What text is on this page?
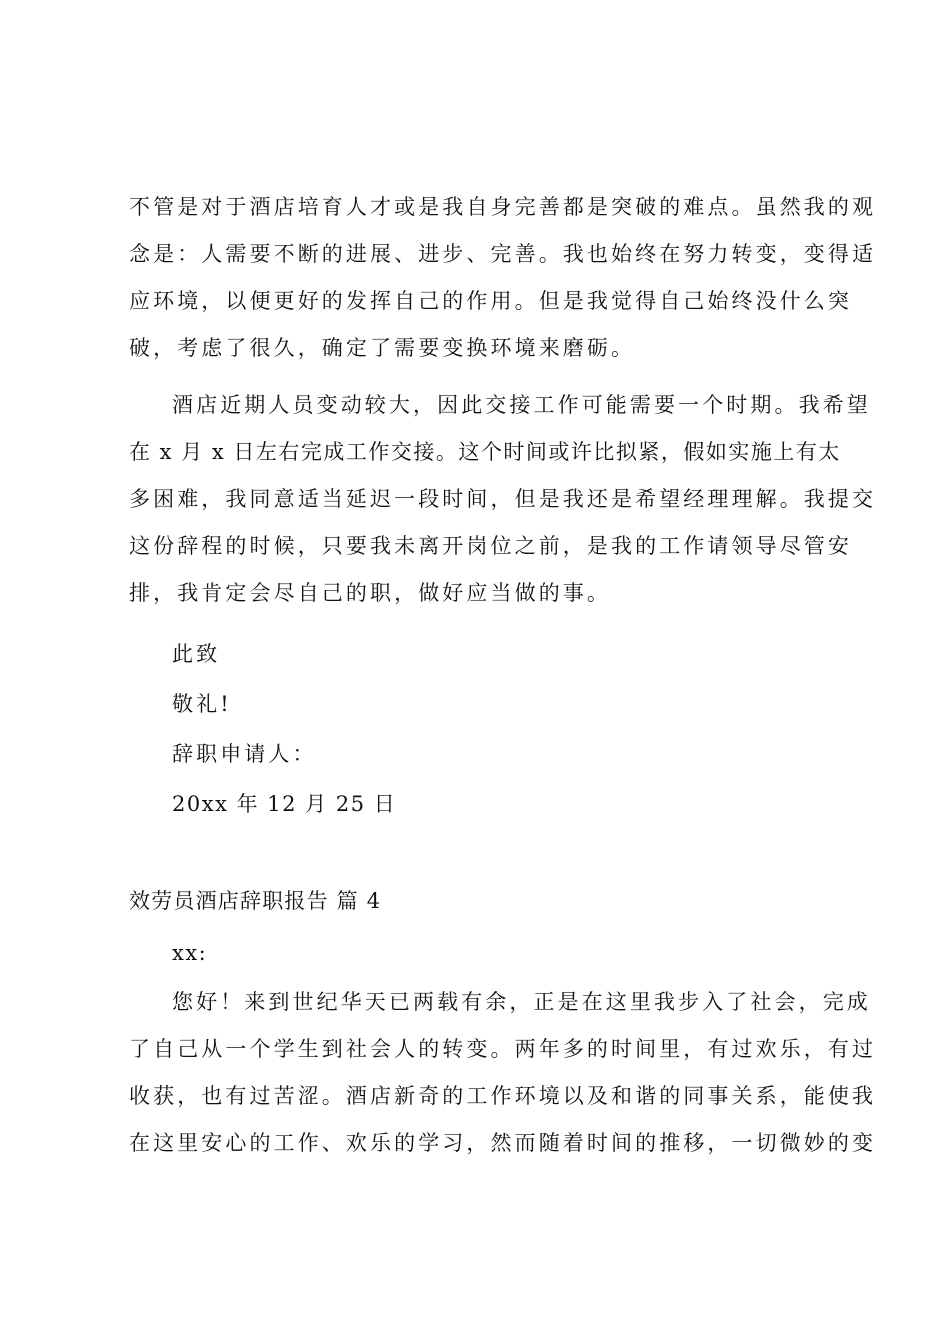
不管是对于酒店培育人才或是我自身完善都是突破的难点。虽然我的观
念是：人需要不断的进展、进步、完善。我也始终在努力转变，变得适
应环境，以便更好的发挥自己的作用。但是我觉得自己始终没什么突
破，考虑了很久，确定了需要变换环境来磨砺。
酒店近期人员变动较大，因此交接工作可能需要一个时期。我希望
在 x 月 x 日左右完成工作交接。这个时间或许比拟紧，假如实施上有太
多困难，我同意适当延迟一段时间，但是我还是希望经理理解。我提交
这份辞程的时候，只要我未离开岗位之前，是我的工作请领导尽管安
排，我肯定会尽自己的职，做好应当做的事。
此致
敬礼!
辞职申请人：
20xx 年 12 月 25 日
效劳员酒店辞职报告 篇 4
xx:
您好！来到世纪华天已两载有余，正是在这里我步入了社会，完成
了自己从一个学生到社会人的转变。两年多的时间里，有过欢乐，有过
收获，也有过苦涩。酒店新奇的工作环境以及和谐的同事关系，能使我
在这里安心的工作、欢乐的学习，然而随着时间的推移，一切微妙的变
